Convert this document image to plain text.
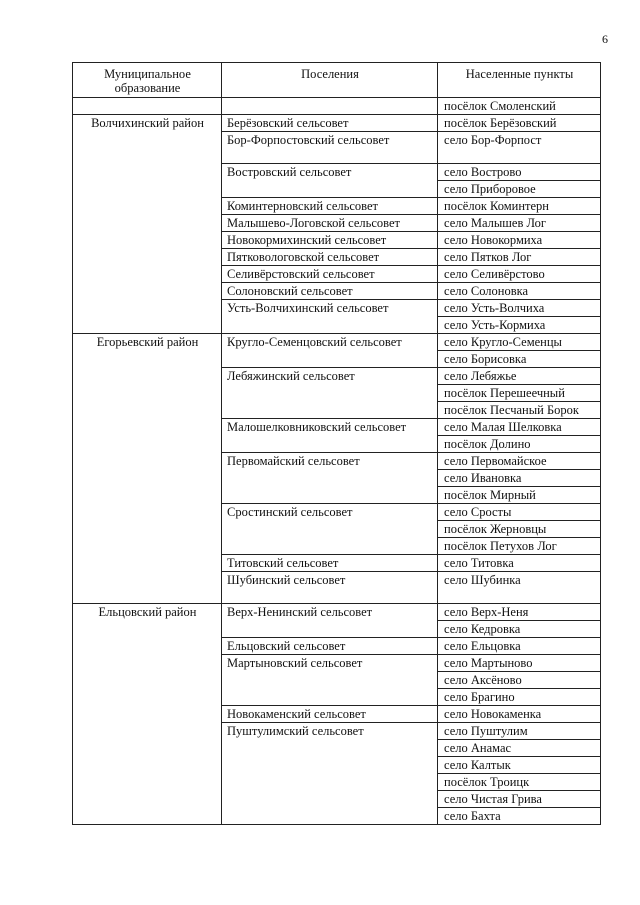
6
Муниципальное образование	Поселения	Населенные пункты
		посёлок Смоленский
Волчихинский район	Берёзовский сельсовет	посёлок Берёзовский
	Бор-Форпостовский сельсовет	село Бор-Форпост
	Востровский сельсовет	село Вострово
		село Приборовое
	Коминтерновский сельсовет	посёлок Коминтерн
	Малышево-Логовской сельсовет	село Малышев Лог
	Новокормихинский сельсовет	село Новокормиха
	Пятковологовской сельсовет	село Пятков Лог
	Селивёрстовский сельсовет	село Селивёрстово
	Солоновский сельсовет	село Солоновка
	Усть-Волчихинский сельсовет	село Усть-Волчиха
		село Усть-Кормиха
Егорьевский район	Кругло-Семенцовский сельсовет	село Кругло-Семенцы
		село Борисовка
	Лебяжинский сельсовет	село Лебяжье
		посёлок Перешеечный
		посёлок Песчаный Борок
	Малошелковниковский сельсовет	село Малая Шелковка
		посёлок Долино
	Первомайский сельсовет	село Первомайское
		село Ивановка
		посёлок Мирный
	Сростинский сельсовет	село Сросты
		посёлок Жерновцы
		посёлок Петухов Лог
	Титовский сельсовет	село Титовка
	Шубинский сельсовет	село Шубинка
Ельцовский район	Верх-Ненинский сельсовет	село Верх-Неня
		село Кедровка
	Ельцовский сельсовет	село Ельцовка
	Мартыновский сельсовет	село Мартыново
		село Аксёново
		село Брагино
	Новокаменский сельсовет	село Новокаменка
	Пуштулимский сельсовет	село Пуштулим
		село Анамас
		село Калтык
		посёлок Троицк
		село Чистая Грива
		село Бахта
